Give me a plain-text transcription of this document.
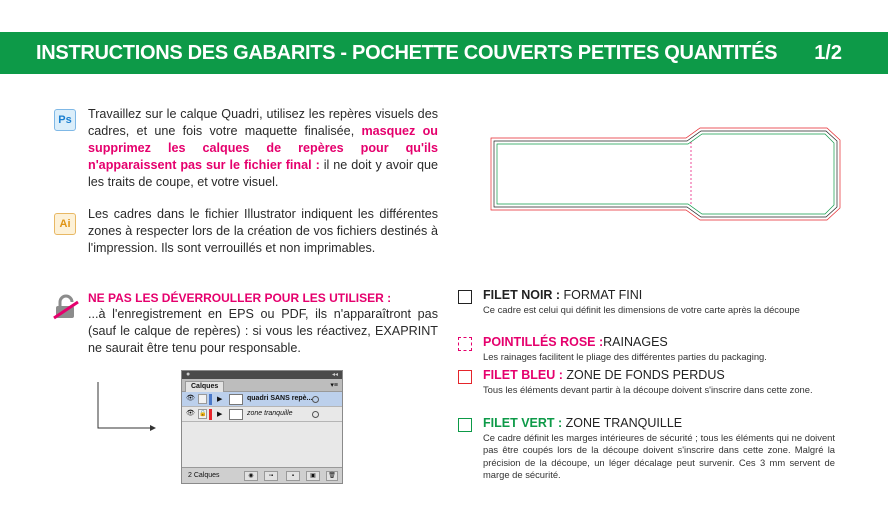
INSTRUCTIONS DES GABARITS - POCHETTE COUVERTS PETITES QUANTITÉS 1/2
Ps	Travaillez sur le calque Quadri, utilisez les repères visuels des cadres, et une fois votre maquette finalisée, masquez ou supprimez les calques de repères pour qu'ils n'apparaissent pas sur le fichier final : il ne doit y avoir que les traits de coupe, et votre visuel.
Ai
Les cadres dans le fichier Illustrator indiquent les différentes zones à respecter lors de la création de vos fichiers destinés à l'impression. Ils sont verrouillés et non imprimables.
NE PAS LES DÉVERROULLER POUR LES UTILISER :
...à l'enregistrement en EPS ou PDF, ils n'apparaîtront pas (sauf le calque de repères) : si vous les réactivez, EXAPRINT ne saurait être tenu pour responsable.
●	◂◂
Calques	▾≡
👁	▶	quadri SANS repè...
👁 🔒 ▶	zone tranquille
2 Calques	◉	▫▪	▪	▣	🗑
FILET NOIR : FORMAT FINI
Ce cadre est celui qui définit les dimensions de votre carte après la découpe
POINTILLÉS ROSE :RAINAGES
Les rainages facilitent le pliage des différentes parties du packaging.
FILET BLEU : ZONE DE FONDS PERDUS
Tous les éléments devant partir à la découpe doivent s'inscrire dans cette zone.
FILET VERT : ZONE TRANQUILLE
Ce cadre définit les marges intérieures de sécurité ; tous les éléments qui ne doivent pas être coupés lors de la découpe doivent s'inscrire dans cette zone. Malgré la précision de la découpe, un léger décalage peut survenir. Ces 3 mm servent de marge de sécurité.
